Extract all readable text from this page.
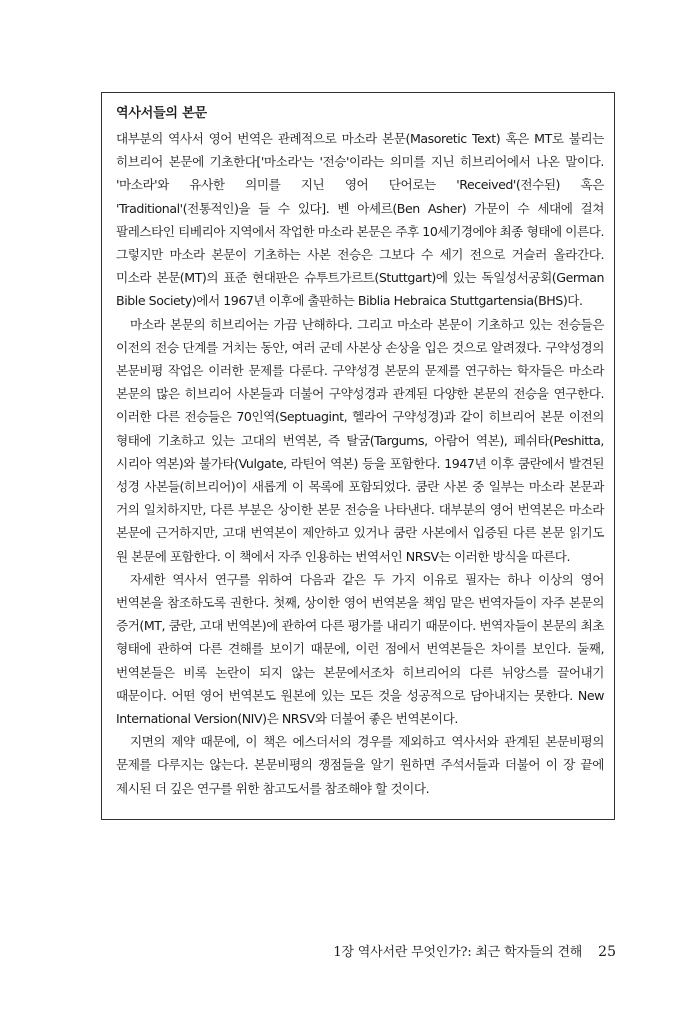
역사서들의 본문

대부분의 역사서 영어 번역은 관례적으로 마소라 본문(Masoretic Text) 혹은 MT로 불리는 히브리어 본문에 기초한다['마소라'는 '전승'이라는 의미를 지닌 히브리어에서 나온 말이다. '마소라'와 유사한 의미를 지닌 영어 단어로는 'Received'(전수된) 혹은 'Traditional'(전통적인)을 들 수 있다]. 벤 아셰르(Ben Asher) 가문이 수 세대에 걸쳐 팔레스타인 티베리아 지역에서 작업한 마소라 본문은 주후 10세기경에야 최종 형태에 이른다. 그렇지만 마소라 본문이 기초하는 사본 전승은 그보다 수 세기 전으로 거슬러 올라간다. 미소라 본문(MT)의 표준 현대판은 슈투트가르트(Stuttgart)에 있는 독일성서공회(German Bible Society)에서 1967년 이후에 출판하는 Biblia Hebraica Stuttgartensia(BHS)다.

마소라 본문의 히브리어는 가끔 난해하다. 그리고 마소라 본문이 기초하고 있는 전승들은 이전의 전승 단계를 거치는 동안, 여러 군데 사본상 손상을 입은 것으로 알려졌다. 구약성경의 본문비평 작업은 이러한 문제를 다룬다. 구약성경 본문의 문제를 연구하는 학자들은 마소라 본문의 많은 히브리어 사본들과 더불어 구약성경과 관계된 다양한 본문의 전승을 연구한다. 이러한 다른 전승들은 70인역(Septuagint, 헬라어 구약성경)과 같이 히브리어 본문 이전의 형태에 기초하고 있는 고대의 번역본, 즉 탈굼(Targums, 아람어 역본), 페쉬타(Peshitta, 시리아 역본)와 불가타(Vulgate, 라틴어 역본) 등을 포함한다. 1947년 이후 쿰란에서 발견된 성경 사본들(히브리어)이 새롭게 이 목록에 포함되었다. 쿰란 사본 중 일부는 마소라 본문과 거의 일치하지만, 다른 부분은 상이한 본문 전승을 나타낸다. 대부분의 영어 번역본은 마소라 본문에 근거하지만, 고대 번역본이 제안하고 있거나 쿰란 사본에서 입증된 다른 본문 읽기도 원 본문에 포함한다. 이 책에서 자주 인용하는 번역서인 NRSV는 이러한 방식을 따른다.

자세한 역사서 연구를 위하여 다음과 같은 두 가지 이유로 필자는 하나 이상의 영어 번역본을 참조하도록 권한다. 첫째, 상이한 영어 번역본을 책임 맡은 번역자들이 자주 본문의 증거(MT, 쿰란, 고대 번역본)에 관하여 다른 평가를 내리기 때문이다. 번역자들이 본문의 최초 형태에 관하여 다른 견해를 보이기 때문에, 이런 점에서 번역본들은 차이를 보인다. 둘째, 번역본들은 비록 논란이 되지 않는 본문에서조차 히브리어의 다른 뉘앙스를 끌어내기 때문이다. 어떤 영어 번역본도 원본에 있는 모든 것을 성공적으로 담아내지는 못한다. New International Version(NIV)은 NRSV와 더불어 좋은 번역본이다.

지면의 제약 때문에, 이 책은 에스더서의 경우를 제외하고 역사서와 관계된 본문비평의 문제를 다루지는 않는다. 본문비평의 쟁점들을 알기 원하면 주석서들과 더불어 이 장 끝에 제시된 더 깊은 연구를 위한 참고도서를 참조해야 할 것이다.

1장 역사서란 무엇인가?: 최근 학자들의 견해 25
